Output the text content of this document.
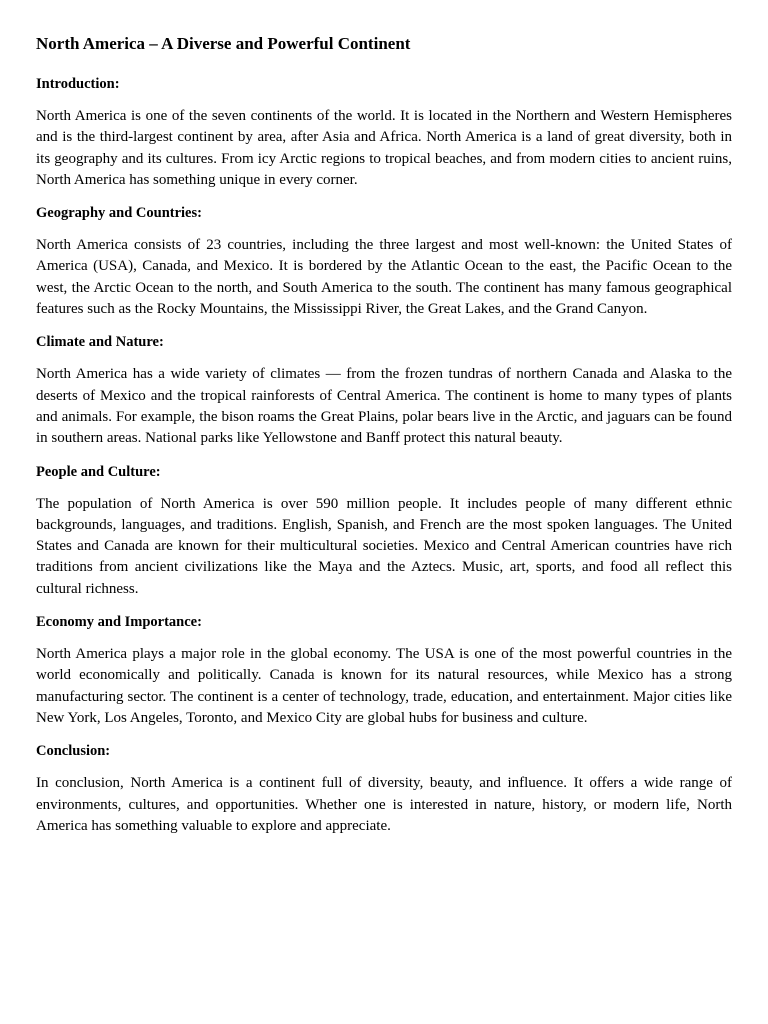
North America – A Diverse and Powerful Continent
Introduction:

North America is one of the seven continents of the world. It is located in the Northern and Western Hemispheres and is the third-largest continent by area, after Asia and Africa. North America is a land of great diversity, both in its geography and its cultures. From icy Arctic regions to tropical beaches, and from modern cities to ancient ruins, North America has something unique in every corner.

Geography and Countries:

North America consists of 23 countries, including the three largest and most well-known: the United States of America (USA), Canada, and Mexico. It is bordered by the Atlantic Ocean to the east, the Pacific Ocean to the west, the Arctic Ocean to the north, and South America to the south. The continent has many famous geographical features such as the Rocky Mountains, the Mississippi River, the Great Lakes, and the Grand Canyon.

Climate and Nature:

North America has a wide variety of climates — from the frozen tundras of northern Canada and Alaska to the deserts of Mexico and the tropical rainforests of Central America. The continent is home to many types of plants and animals. For example, the bison roams the Great Plains, polar bears live in the Arctic, and jaguars can be found in southern areas. National parks like Yellowstone and Banff protect this natural beauty.

People and Culture:

The population of North America is over 590 million people. It includes people of many different ethnic backgrounds, languages, and traditions. English, Spanish, and French are the most spoken languages. The United States and Canada are known for their multicultural societies. Mexico and Central American countries have rich traditions from ancient civilizations like the Maya and the Aztecs. Music, art, sports, and food all reflect this cultural richness.

Economy and Importance:

North America plays a major role in the global economy. The USA is one of the most powerful countries in the world economically and politically. Canada is known for its natural resources, while Mexico has a strong manufacturing sector. The continent is a center of technology, trade, education, and entertainment. Major cities like New York, Los Angeles, Toronto, and Mexico City are global hubs for business and culture.

Conclusion:

In conclusion, North America is a continent full of diversity, beauty, and influence. It offers a wide range of environments, cultures, and opportunities. Whether one is interested in nature, history, or modern life, North America has something valuable to explore and appreciate.
